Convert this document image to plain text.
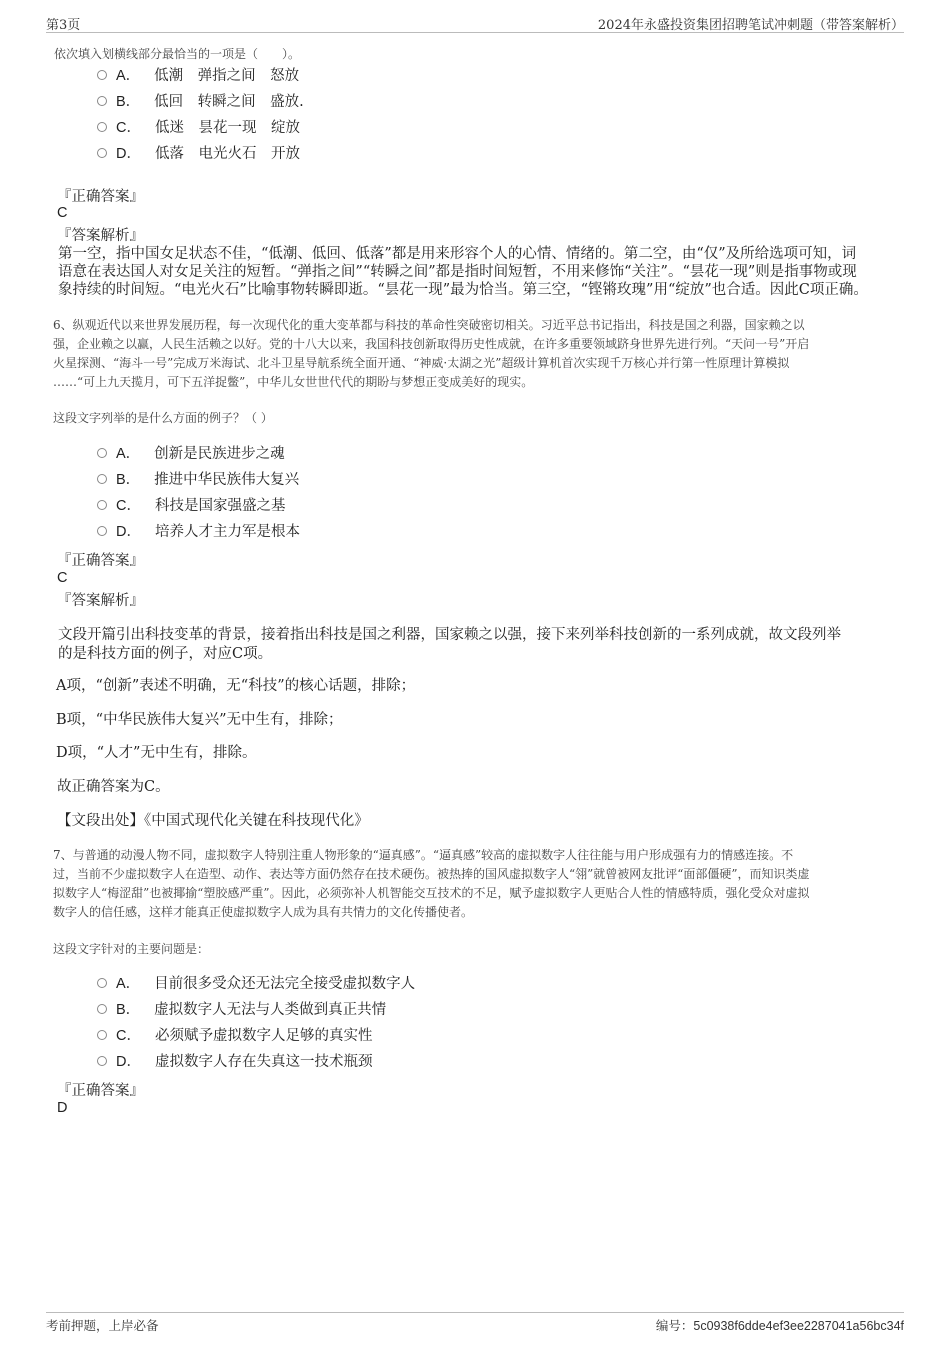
第3页	2024年永盛投资集团招聘笔试冲刺题（带答案解析）
依次填入划横线部分最恰当的一项是（　　）。
A． 低潮　弹指之间　怒放
B． 低回　转瞬之间　盛放.
C． 低迷　昙花一现　绽放
D． 低落　电光火石　开放
『正确答案』
C
『答案解析』
第一空，指中国女足状态不佳，“低潮、低回、低落”都是用来形容个人的心情、情绪的。第二空，由“仅”及所给选项可知，词
语意在表达国人对女足关注的短暂。“弹指之间”“转瞬之间”都是指时间短暂，不用来修饰“关注”。“昙花一现”则是指事物或现
象持续的时间短。“电光火石”比喻事物转瞬即逝。“昙花一现”最为恰当。第三空，“铿锵玫瑰”用“绽放”也合适。因此C项正确。
6、纵观近代以来世界发展历程，每一次现代化的重大变革都与科技的革命性突破密切相关。习近平总书记指出，科技是国之利器，国家赖之以
强，企业赖之以赢，人民生活赖之以好。党的十八大以来，我国科技创新取得历史性成就，在许多重要领域跻身世界先进行列。“天问一号”开启
火星探测、“海斗一号”完成万米海试、北斗卫星导航系统全面开通、“神威·太湖之光”超级计算机首次实现千万核心并行第一性原理计算模拟
……“可上九天揽月，可下五洋捉鳖”，中华儿女世世代代的期盼与梦想正变成美好的现实。
这段文字列举的是什么方面的例子？（ ）
A． 创新是民族进步之魂
B． 推进中华民族伟大复兴
C． 科技是国家强盛之基
D． 培养人才主力军是根本
『正确答案』
C
『答案解析』
文段开篇引出科技变革的背景，接着指出科技是国之利器，国家赖之以强，接下来列举科技创新的一系列成就，故文段列举
的是科技方面的例子，对应C项。
A项，“创新”表述不明确，无“科技”的核心话题，排除；
B项，“中华民族伟大复兴”无中生有，排除；
D项，“人才”无中生有，排除。
故正确答案为C。
【文段出处】《中国式现代化关键在科技现代化》
7、与普通的动漫人物不同，虚拟数字人特别注重人物形象的“逼真感”。“逼真感”较高的虚拟数字人往往能与用户形成强有力的情感连接。不
过，当前不少虚拟数字人在造型、动作、表达等方面仍然存在技术硬伤。被热捧的国风虚拟数字人“翎”就曾被网友批评“面部僵硬”，而知识类虚
拟数字人“梅涩甜”也被揶揄“塑胶感严重”。因此，必须弥补人机智能交互技术的不足，赋予虚拟数字人更贴合人性的情感特质，强化受众对虚拟
数字人的信任感，这样才能真正使虚拟数字人成为具有共情力的文化传播使者。
这段文字针对的主要问题是：
A． 目前很多受众还无法完全接受虚拟数字人
B． 虚拟数字人无法与人类做到真正共情
C． 必须赋予虚拟数字人足够的真实性
D． 虚拟数字人存在失真这一技术瓶颈
『正确答案』
D
考前押题，上岸必备	编号：5c0938f6dde4ef3ee2287041a56bc34f
